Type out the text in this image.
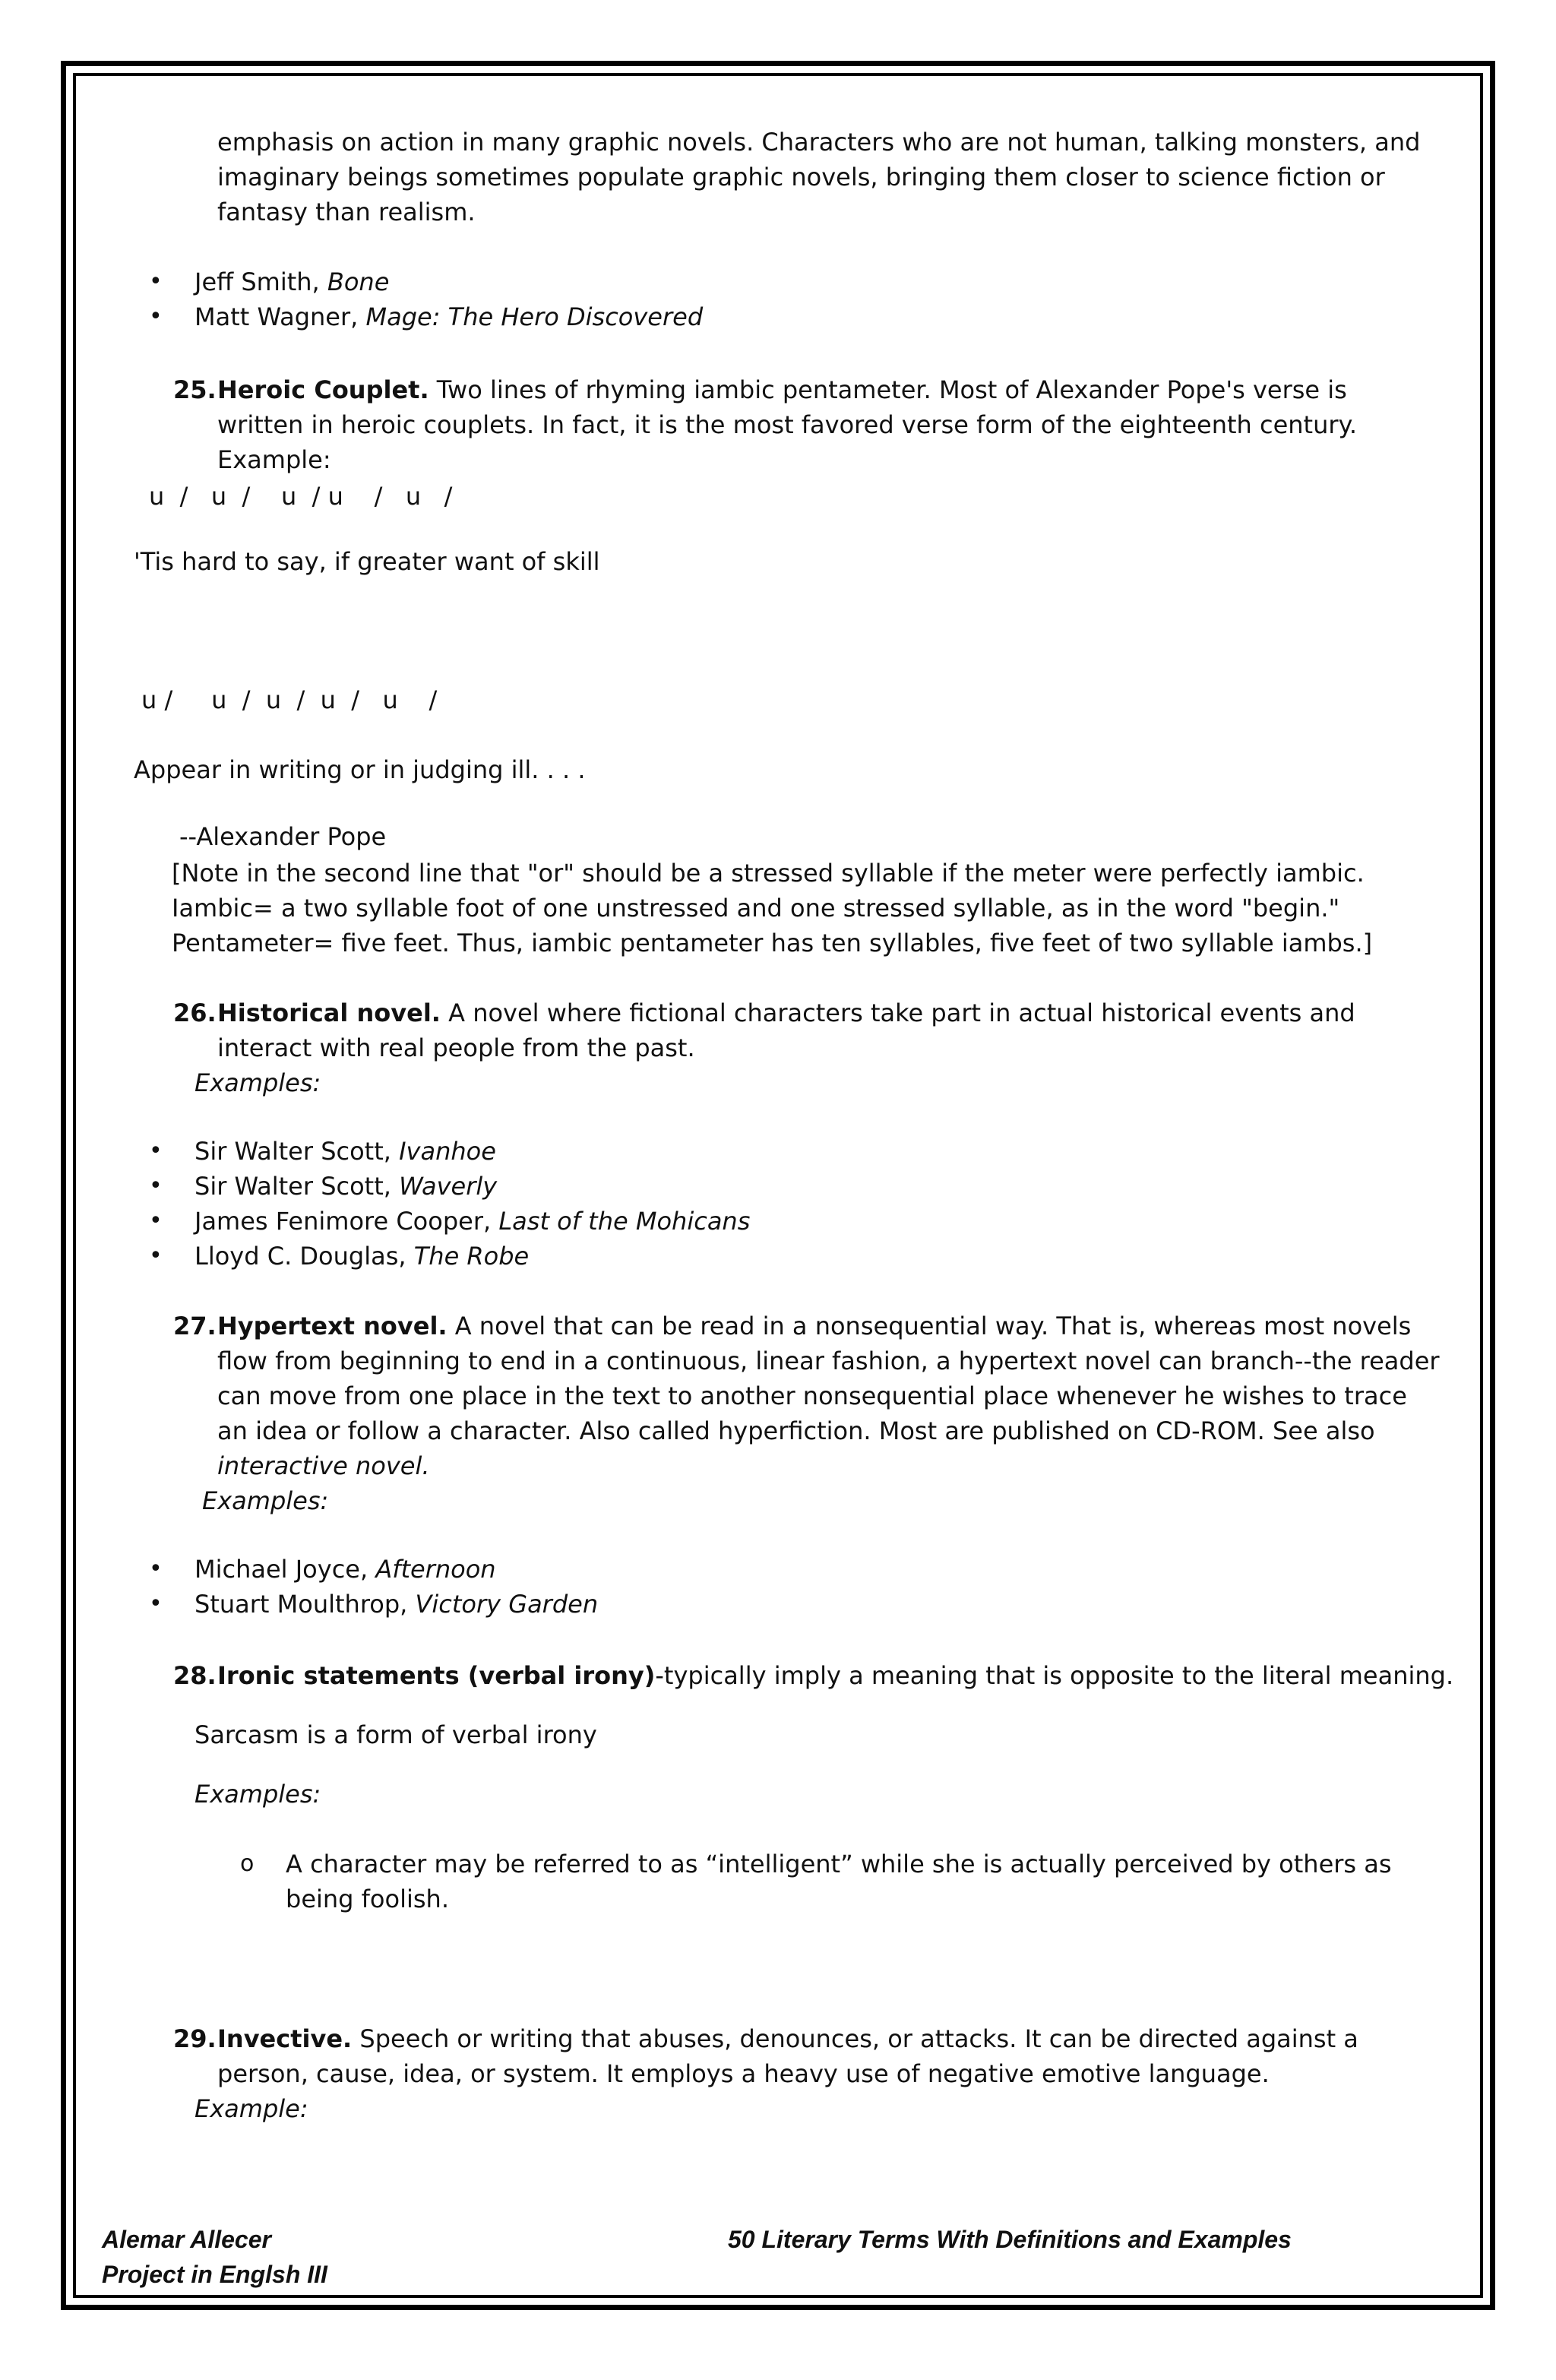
emphasis on action in many graphic novels. Characters who are not human, talking monsters, and imaginary beings sometimes populate graphic novels, bringing them closer to science fiction or fantasy than realism.

• Jeff Smith, Bone
• Matt Wagner, Mage: The Hero Discovered
25. Heroic Couplet. Two lines of rhyming iambic pentameter. Most of Alexander Pope's verse is written in heroic couplets. In fact, it is the most favored verse form of the eighteenth century.

Example:
u  /   u  /    u  / u    /   u   /
'Tis hard to say, if greater want of skill
u /     u  /  u  /  u  /   u    /
Appear in writing or in judging ill. . . .
--Alexander Pope

[Note in the second line that "or" should be a stressed syllable if the meter were perfectly iambic. Iambic= a two syllable foot of one unstressed and one stressed syllable, as in the word "begin." Pentameter= five feet. Thus, iambic pentameter has ten syllables, five feet of two syllable iambs.]

26. Historical novel. A novel where fictional characters take part in actual historical events and interact with real people from the past.

Examples:
• Sir Walter Scott, Ivanhoe
• Sir Walter Scott, Waverly
• James Fenimore Cooper, Last of the Mohicans
• Lloyd C. Douglas, The Robe
27. Hypertext novel. A novel that can be read in a nonsequential way. That is, whereas most novels flow from beginning to end in a continuous, linear fashion, a hypertext novel can branch--the reader can move from one place in the text to another nonsequential place whenever he wishes to trace an idea or follow a character. Also called hyperfiction. Most are published on CD-ROM. See also interactive novel.

Examples:
• Michael Joyce, Afternoon
• Stuart Moulthrop, Victory Garden
28. Ironic statements (verbal irony)-typically imply a meaning that is opposite to the literal meaning.
Sarcasm is a form of verbal irony
Examples:
o A character may be referred to as “intelligent” while she is actually perceived by others as being foolish.

29. Invective. Speech or writing that abuses, denounces, or attacks. It can be directed against a person, cause, idea, or system. It employs a heavy use of negative emotive language.

Example:
Alemar Allecer
Project in Englsh III
50 Literary Terms With Definitions and Examples
